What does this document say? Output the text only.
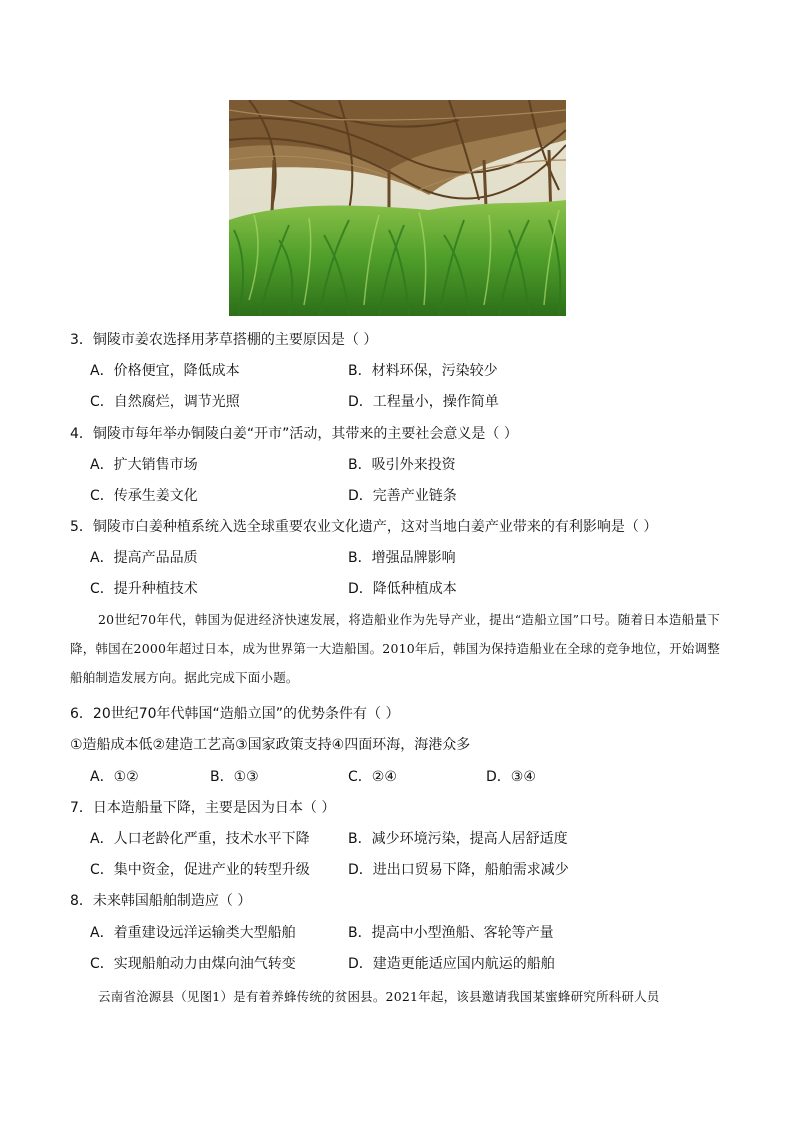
3．铜陵市姜农选择用茅草搭棚的主要原因是（ ）
A．价格便宜，降低成本	B．材料环保，污染较少
C．自然腐烂，调节光照	D．工程量小，操作简单
4．铜陵市每年举办铜陵白姜“开市”活动，其带来的主要社会意义是（ ）
A．扩大销售市场	B．吸引外来投资
C．传承生姜文化	D．完善产业链条
5．铜陵市白姜种植系统入选全球重要农业文化遗产，这对当地白姜产业带来的有利影响是（ ）
A．提高产品品质	B．增强品牌影响
C．提升种植技术	D．降低种植成本
20世纪70年代，韩国为促进经济快速发展，将造船业作为先导产业，提出“造船立国”口号。随着日本造船量下降，韩国在2000年超过日本，成为世界第一大造船国。2010年后，韩国为保持造船业在全球的竞争地位，开始调整船舶制造发展方向。据此完成下面小题。
6．20世纪70年代韩国“造船立国”的优势条件有（ ）
①造船成本低②建造工艺高③国家政策支持④四面环海，海港众多
A．①②	B．①③	C．②④	D．③④
7．日本造船量下降，主要是因为日本（ ）
A．人口老龄化严重，技术水平下降	B．减少环境污染，提高人居舒适度
C．集中资金，促进产业的转型升级	D．进出口贸易下降，船舶需求减少
8．未来韩国船舶制造应（ ）
A．着重建设远洋运输类大型船舶	B．提高中小型渔船、客轮等产量
C．实现船舶动力由煤向油气转变	D．建造更能适应国内航运的船舶
云南省沧源县（见图1）是有着养蜂传统的贫困县。2021年起，该县邀请我国某蜜蜂研究所科研人员
